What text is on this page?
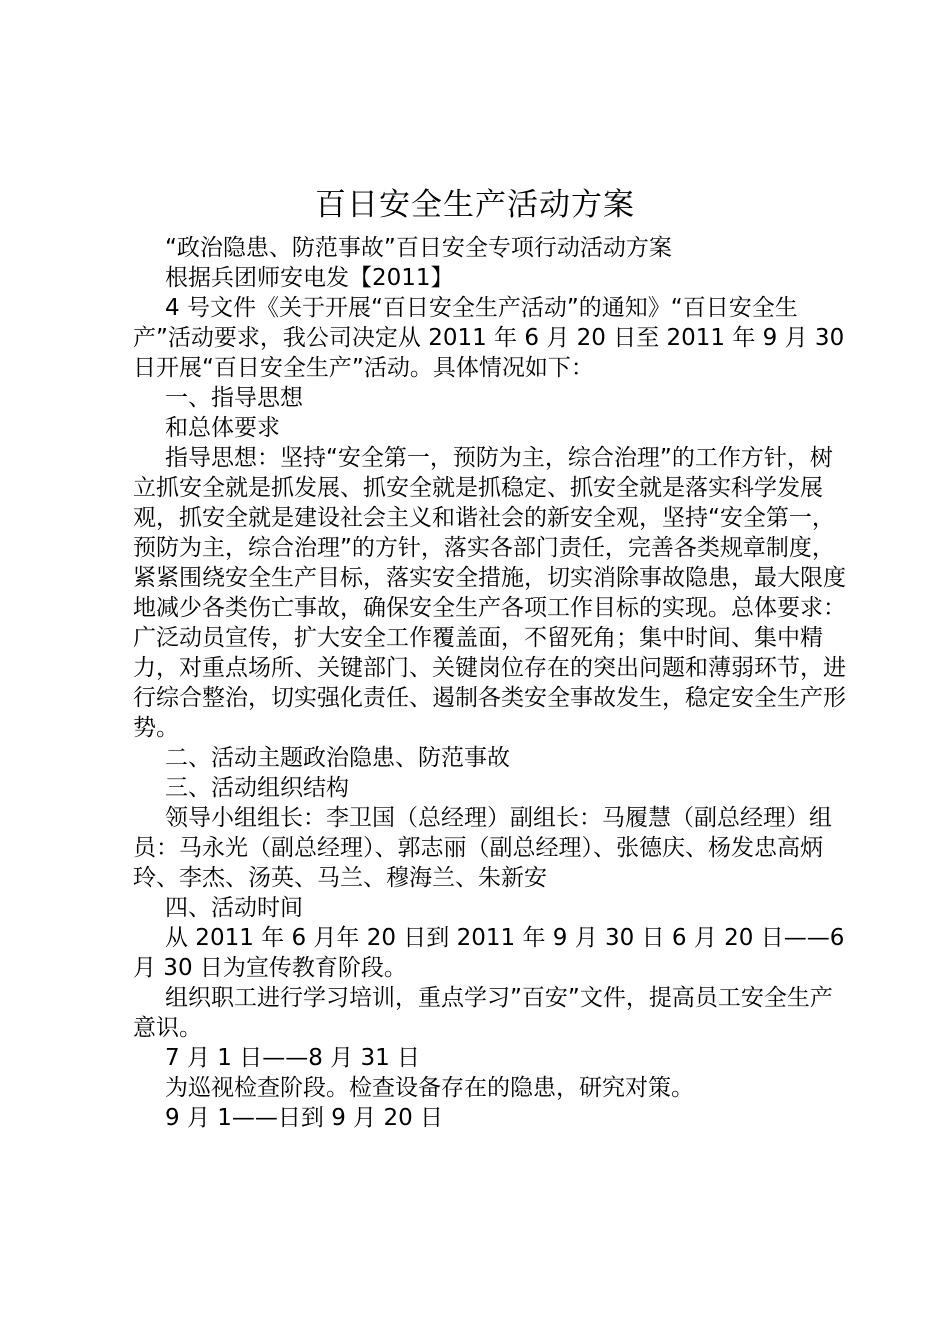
百日安全生产活动方案

“政治隐患、防范事故”百日安全专项行动活动方案

根据兵团师安电发【2011】

4 号文件《关于开展“百日安全生产活动”的通知》“百日安全生产”活动要求，我公司决定从 2011 年 6 月 20 日至 2011 年 9 月 30 日开展“百日安全生产”活动。具体情况如下：

一、指导思想

和总体要求

指导思想：坚持“安全第一，预防为主，综合治理”的工作方针，树立抓安全就是抓发展、抓安全就是抓稳定、抓安全就是落实科学发展观，抓安全就是建设社会主义和谐社会的新安全观，坚持“安全第一，预防为主，综合治理”的方针，落实各部门责任，完善各类规章制度，紧紧围绕安全生产目标，落实安全措施，切实消除事故隐患，最大限度地减少各类伤亡事故，确保安全生产各项工作目标的实现。总体要求：广泛动员宣传，扩大安全工作覆盖面，不留死角；集中时间、集中精力，对重点场所、关键部门、关键岗位存在的突出问题和薄弱环节，进行综合整治，切实强化责任、遏制各类安全事故发生，稳定安全生产形势。

二、活动主题政治隐患、防范事故

三、活动组织结构

领导小组组长：李卫国（总经理）副组长：马履慧（副总经理）组员：马永光（副总经理）、郭志丽（副总经理）、张德庆、杨发忠高炳玲、李杰、汤英、马兰、穆海兰、朱新安

四、活动时间

从 2011 年 6 月年 20 日到 2011 年 9 月 30 日 6 月 20 日——6 月 30 日为宣传教育阶段。

组织职工进行学习培训，重点学习”百安”文件，提高员工安全生产意识。

7 月 1 日——8 月 31 日

为巡视检查阶段。检查设备存在的隐患，研究对策。

9 月 1——日到 9 月 20 日
